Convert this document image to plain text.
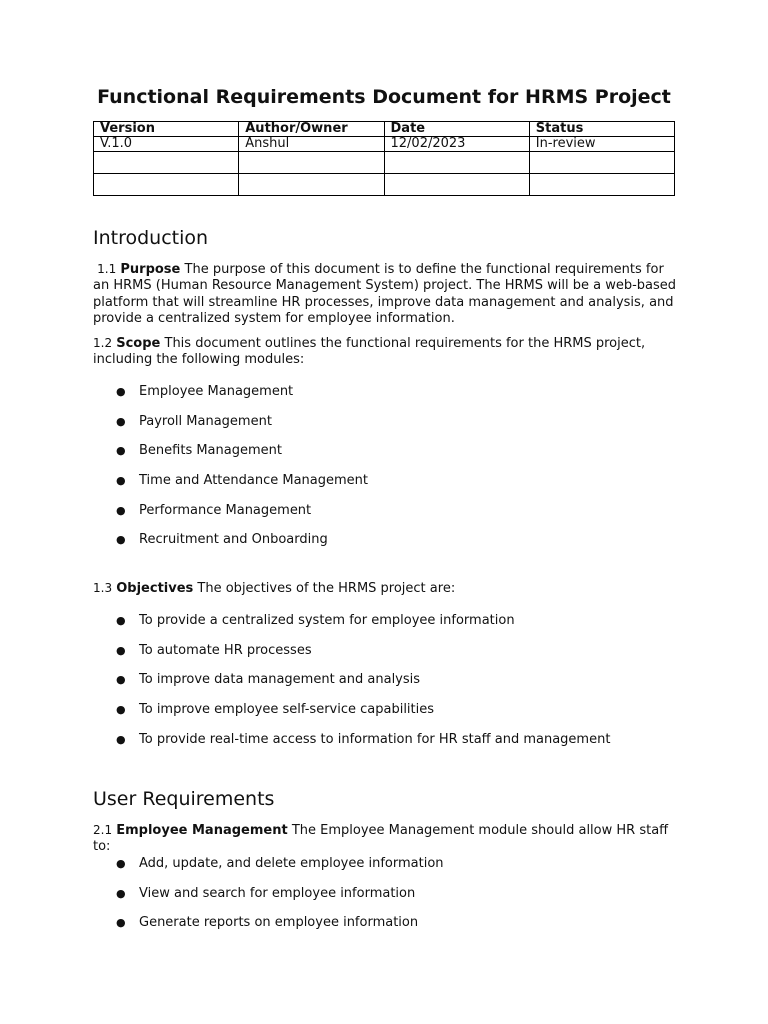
Functional Requirements Document for HRMS Project
Version	Author/Owner	Date	Status
V.1.0	Anshul	12/02/2023	In-review

Introduction

1.1 Purpose The purpose of this document is to define the functional requirements for an HRMS (Human Resource Management System) project. The HRMS will be a web-based platform that will streamline HR processes, improve data management and analysis, and provide a centralized system for employee information.

1.2 Scope This document outlines the functional requirements for the HRMS project, including the following modules:

● Employee Management
● Payroll Management
● Benefits Management
● Time and Attendance Management
● Performance Management
● Recruitment and Onboarding

1.3 Objectives The objectives of the HRMS project are:

● To provide a centralized system for employee information
● To automate HR processes
● To improve data management and analysis
● To improve employee self-service capabilities
● To provide real-time access to information for HR staff and management
User Requirements

2.1 Employee Management The Employee Management module should allow HR staff to:

● Add, update, and delete employee information
● View and search for employee information
● Generate reports on employee information
